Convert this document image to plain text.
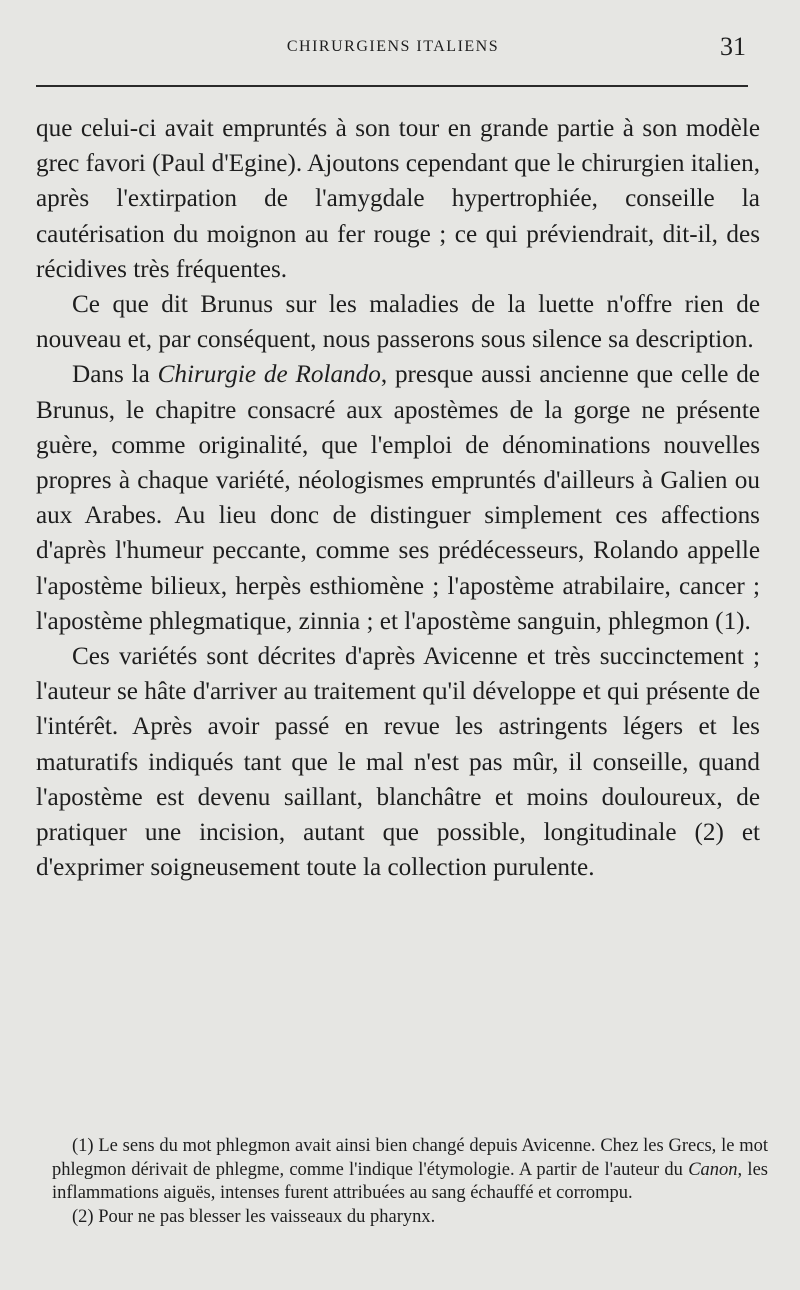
CHIRURGIENS ITALIENS	31

que celui-ci avait empruntés à son tour en grande partie à son modèle grec favori (Paul d'Egine). Ajoutons cependant que le chirurgien italien, après l'extirpation de l'amygdale hypertrophiée, conseille la cautérisation du moignon au fer rouge ; ce qui préviendrait, dit-il, des récidives très fréquentes.

Ce que dit Brunus sur les maladies de la luette n'offre rien de nouveau et, par conséquent, nous passerons sous silence sa description.

Dans la Chirurgie de Rolando, presque aussi ancienne que celle de Brunus, le chapitre consacré aux apostèmes de la gorge ne présente guère, comme originalité, que l'emploi de dénominations nouvelles propres à chaque variété, néologismes empruntés d'ailleurs à Galien ou aux Arabes. Au lieu donc de distinguer simplement ces affections d'après l'humeur peccante, comme ses prédécesseurs, Rolando appelle l'apostème bilieux, herpès esthiomène ; l'apostème atrabilaire, cancer ; l'apostème phlegmatique, zinnia ; et l'apostème sanguin, phlegmon (1).

Ces variétés sont décrites d'après Avicenne et très succinctement ; l'auteur se hâte d'arriver au traitement qu'il développe et qui présente de l'intérêt. Après avoir passé en revue les astringents légers et les maturatifs indiqués tant que le mal n'est pas mûr, il conseille, quand l'apostème est devenu saillant, blanchâtre et moins douloureux, de pratiquer une incision, autant que possible, longitudinale (2) et d'exprimer soigneusement toute la collection purulente.

(1) Le sens du mot phlegmon avait ainsi bien changé depuis Avicenne. Chez les Grecs, le mot phlegmon dérivait de phlegme, comme l'indique l'étymologie. A partir de l'auteur du Canon, les inflammations aiguës, intenses furent attribuées au sang échauffé et corrompu.

(2) Pour ne pas blesser les vaisseaux du pharynx.
